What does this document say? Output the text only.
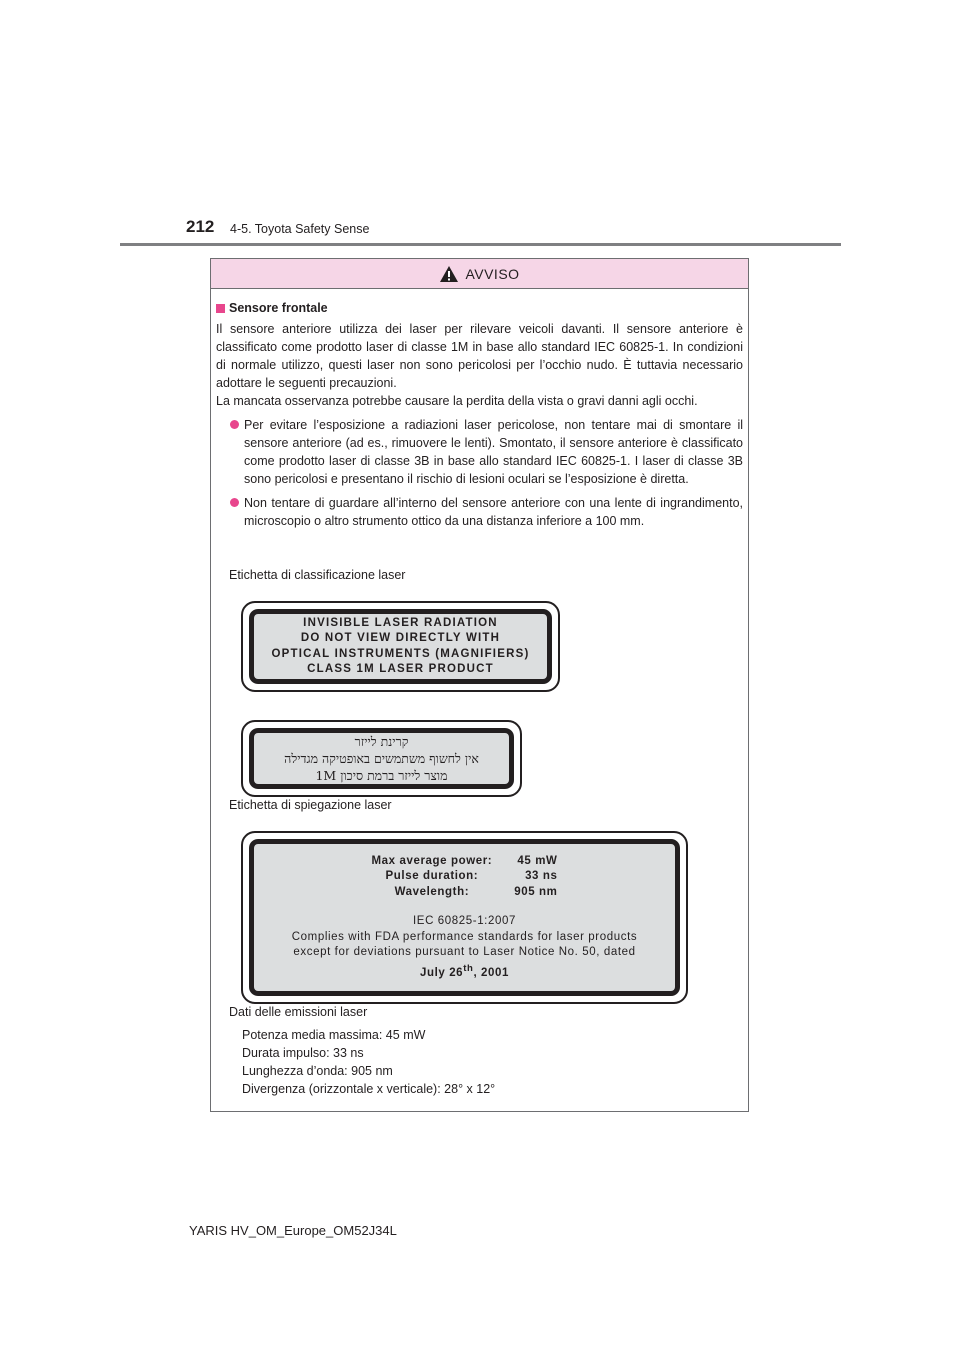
212 4-5. Toyota Safety Sense
AVVISO
Sensore frontale
Il sensore anteriore utilizza dei laser per rilevare veicoli davanti. Il sensore anteriore è classificato come prodotto laser di classe 1M in base allo standard IEC 60825-1. In condizioni di normale utilizzo, questi laser non sono pericolosi per l’occhio nudo. È tuttavia necessario adottare le seguenti precauzioni.
La mancata osservanza potrebbe causare la perdita della vista o gravi danni agli occhi.
Per evitare l’esposizione a radiazioni laser pericolose, non tentare mai di smontare il sensore anteriore (ad es., rimuovere le lenti). Smontato, il sensore anteriore è classificato come prodotto laser di classe 3B in base allo standard IEC 60825-1. I laser di classe 3B sono pericolosi e presentano il rischio di lesioni oculari se l’esposizione è diretta.
Non tentare di guardare all’interno del sensore anteriore con una lente di ingrandimento, microscopio o altro strumento ottico da una distanza inferiore a 100 mm.
Etichetta di classificazione laser
INVISIBLE LASER RADIATION
DO NOT VIEW DIRECTLY WITH
OPTICAL INSTRUMENTS (MAGNIFIERS)
CLASS 1M LASER PRODUCT
קרינת לייזר
אין לחשוף משתמשים באופטיקה מגדילה
מוצר לייזר ברמת סיכון 1M
Etichetta di spiegazione laser
Max average power:	45 mW
Pulse duration:	33 ns
Wavelength:	905 nm
IEC 60825-1:2007
Complies with FDA performance standards for laser products
except for deviations pursuant to Laser Notice No. 50, dated
July 26th, 2001
Dati delle emissioni laser
Potenza media massima: 45 mW
Durata impulso: 33 ns
Lunghezza d’onda: 905 nm
Divergenza (orizzontale x verticale): 28° x 12°
YARIS HV_OM_Europe_OM52J34L
